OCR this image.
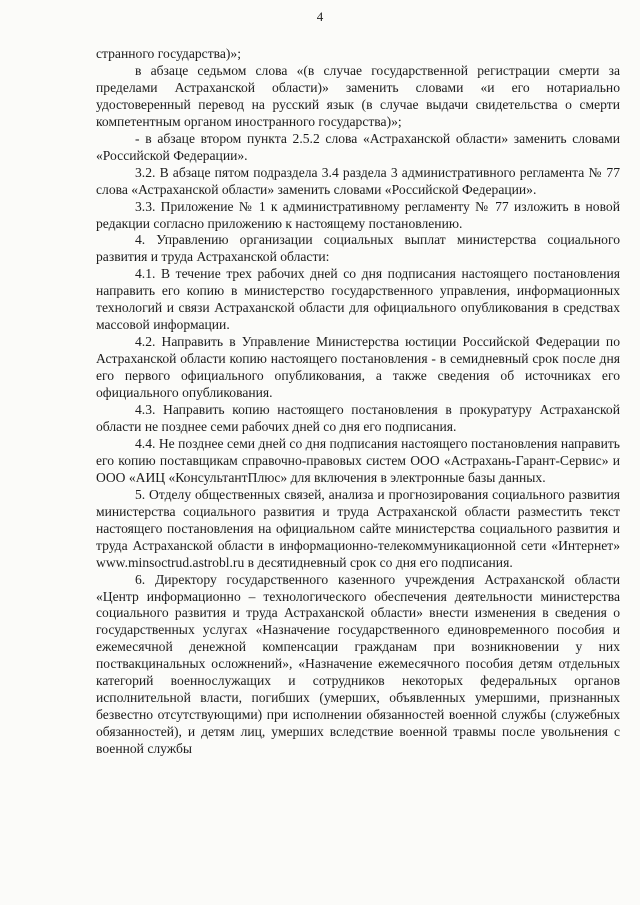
4

странного государства)»;

в абзаце седьмом слова «(в случае государственной регистрации смерти за пределами Астраханской области)» заменить словами «и его нотариально удостоверенный перевод на русский язык (в случае выдачи свидетельства о смерти компетентным органом иностранного государства)»;

- в абзаце втором пункта 2.5.2 слова «Астраханской области» заменить словами «Российской Федерации».

3.2. В абзаце пятом подраздела 3.4 раздела 3 административного регламента № 77 слова «Астраханской области» заменить словами «Российской Федерации».

3.3. Приложение № 1 к административному регламенту № 77 изложить в новой редакции согласно приложению к настоящему постановлению.

4. Управлению организации социальных выплат министерства социального развития и труда Астраханской области:

4.1. В течение трех рабочих дней со дня подписания настоящего постановления направить его копию в министерство государственного управления, информационных технологий и связи Астраханской области для официального опубликования в средствах массовой информации.

4.2. Направить в Управление Министерства юстиции Российской Федерации по Астраханской области копию настоящего постановления - в семидневный срок после дня его первого официального опубликования, а также сведения об источниках его официального опубликования.

4.3. Направить копию настоящего постановления в прокуратуру Астраханской области не позднее семи рабочих дней со дня его подписания.

4.4. Не позднее семи дней со дня подписания настоящего постановления направить его копию поставщикам справочно-правовых систем ООО «Астрахань-Гарант-Сервис» и ООО «АИЦ «КонсультантПлюс» для включения в электронные базы данных.

5. Отделу общественных связей, анализа и прогнозирования социального развития министерства социального развития и труда Астраханской области разместить текст настоящего постановления на официальном сайте министерства социального развития и труда Астраханской области в информационно-телекоммуникационной сети «Интернет» www.minsoctrud.astrobl.ru в десятидневный срок со дня его подписания.

6. Директору государственного казенного учреждения Астраханской области «Центр информационно – технологического обеспечения деятельности министерства социального развития и труда Астраханской области» внести изменения в сведения о государственных услугах «Назначение государственного единовременного пособия и ежемесячной денежной компенсации гражданам при возникновении у них поствакцинальных осложнений», «Назначение ежемесячного пособия детям отдельных категорий военнослужащих и сотрудников некоторых федеральных органов исполнительной власти, погибших (умерших, объявленных умершими, признанных безвестно отсутствующими) при исполнении обязанностей военной службы (служебных обязанностей), и детям лиц, умерших вследствие военной травмы после увольнения с военной службы
